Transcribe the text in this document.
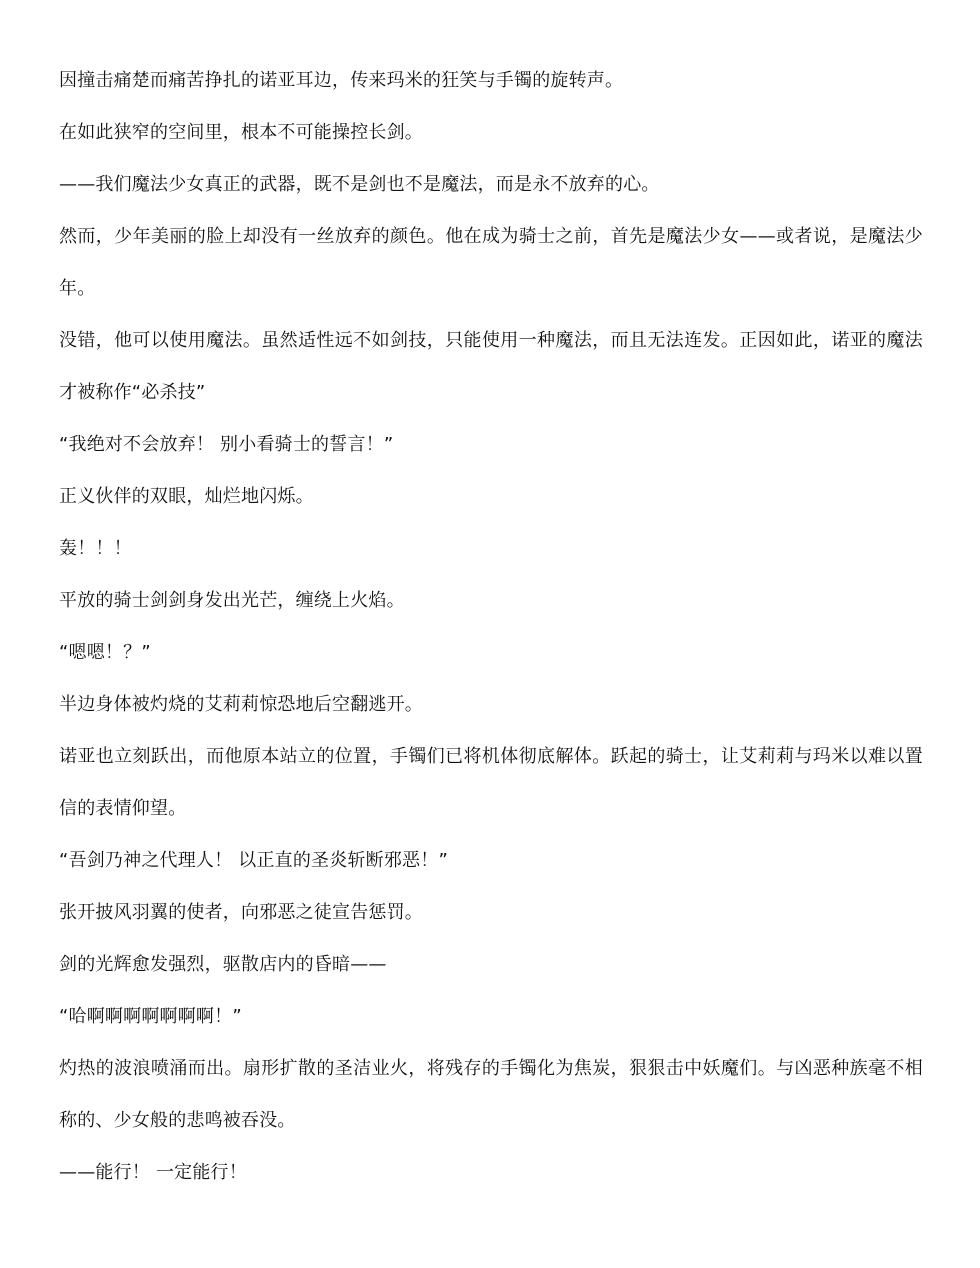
因撞击痛楚而痛苦挣扎的诺亚耳边，传来玛米的狂笑与手镯的旋转声。

在如此狭窄的空间里，根本不可能操控长剑。

——我们魔法少女真正的武器，既不是剑也不是魔法，而是永不放弃的心。

然而，少年美丽的脸上却没有一丝放弃的颜色。他在成为骑士之前，首先是魔法少女——或者说，是魔法少年。

没错，他可以使用魔法。虽然适性远不如剑技，只能使用一种魔法，而且无法连发。正因如此，诺亚的魔法才被称作“必杀技”

“我绝对不会放弃！ 别小看骑士的誓言！”

正义伙伴的双眼，灿烂地闪烁。

轰！！！

平放的骑士剑剑身发出光芒，缠绕上火焰。

“嗯嗯！？”

半边身体被灼烧的艾莉莉惊恐地后空翻逃开。

诺亚也立刻跃出，而他原本站立的位置，手镯们已将机体彻底解体。跃起的骑士，让艾莉莉与玛米以难以置信的表情仰望。

“吾剑乃神之代理人！ 以正直的圣炎斩断邪恶！”

张开披风羽翼的使者，向邪恶之徒宣告惩罚。

剑的光辉愈发强烈，驱散店内的昏暗——

“哈啊啊啊啊啊啊啊！”

灼热的波浪喷涌而出。扇形扩散的圣洁业火，将残存的手镯化为焦炭，狠狠击中妖魔们。与凶恶种族毫不相称的、少女般的悲鸣被吞没。

——能行！ 一定能行！
